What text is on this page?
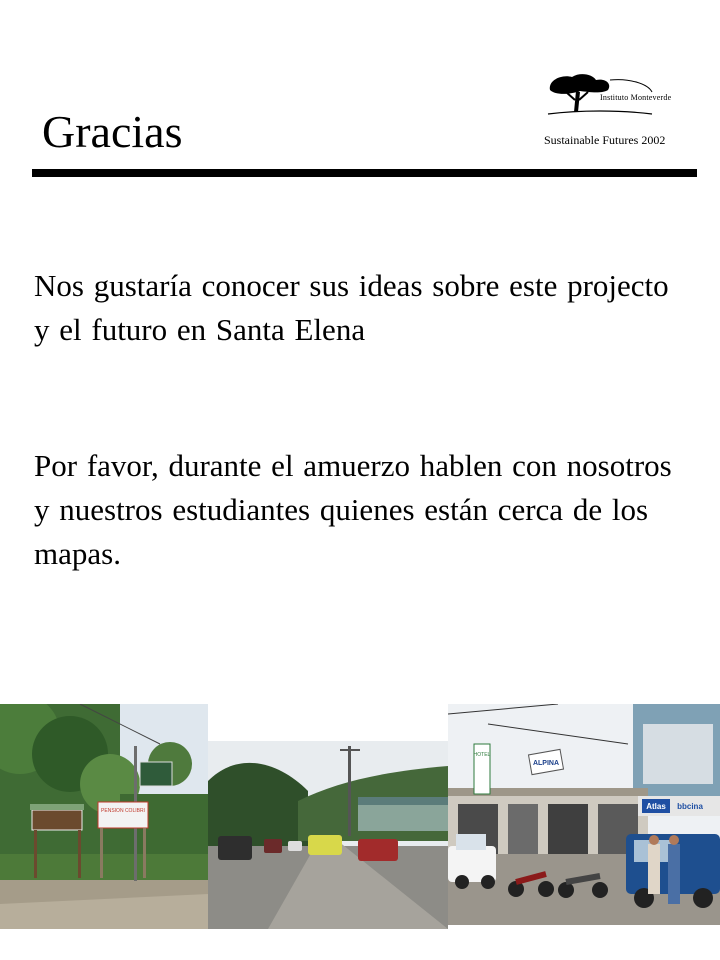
Gracias
Instituto Monteverde
Sustainable Futures 2002
Nos gustaría conocer sus ideas sobre este projecto y el futuro en Santa Elena
Por favor, durante el amuerzo hablen con nosotros y nuestros estudiantes quienes están cerca de los mapas.
PENSION COLIBRI	Atlas bbcina
HOTEL
ALPINA
